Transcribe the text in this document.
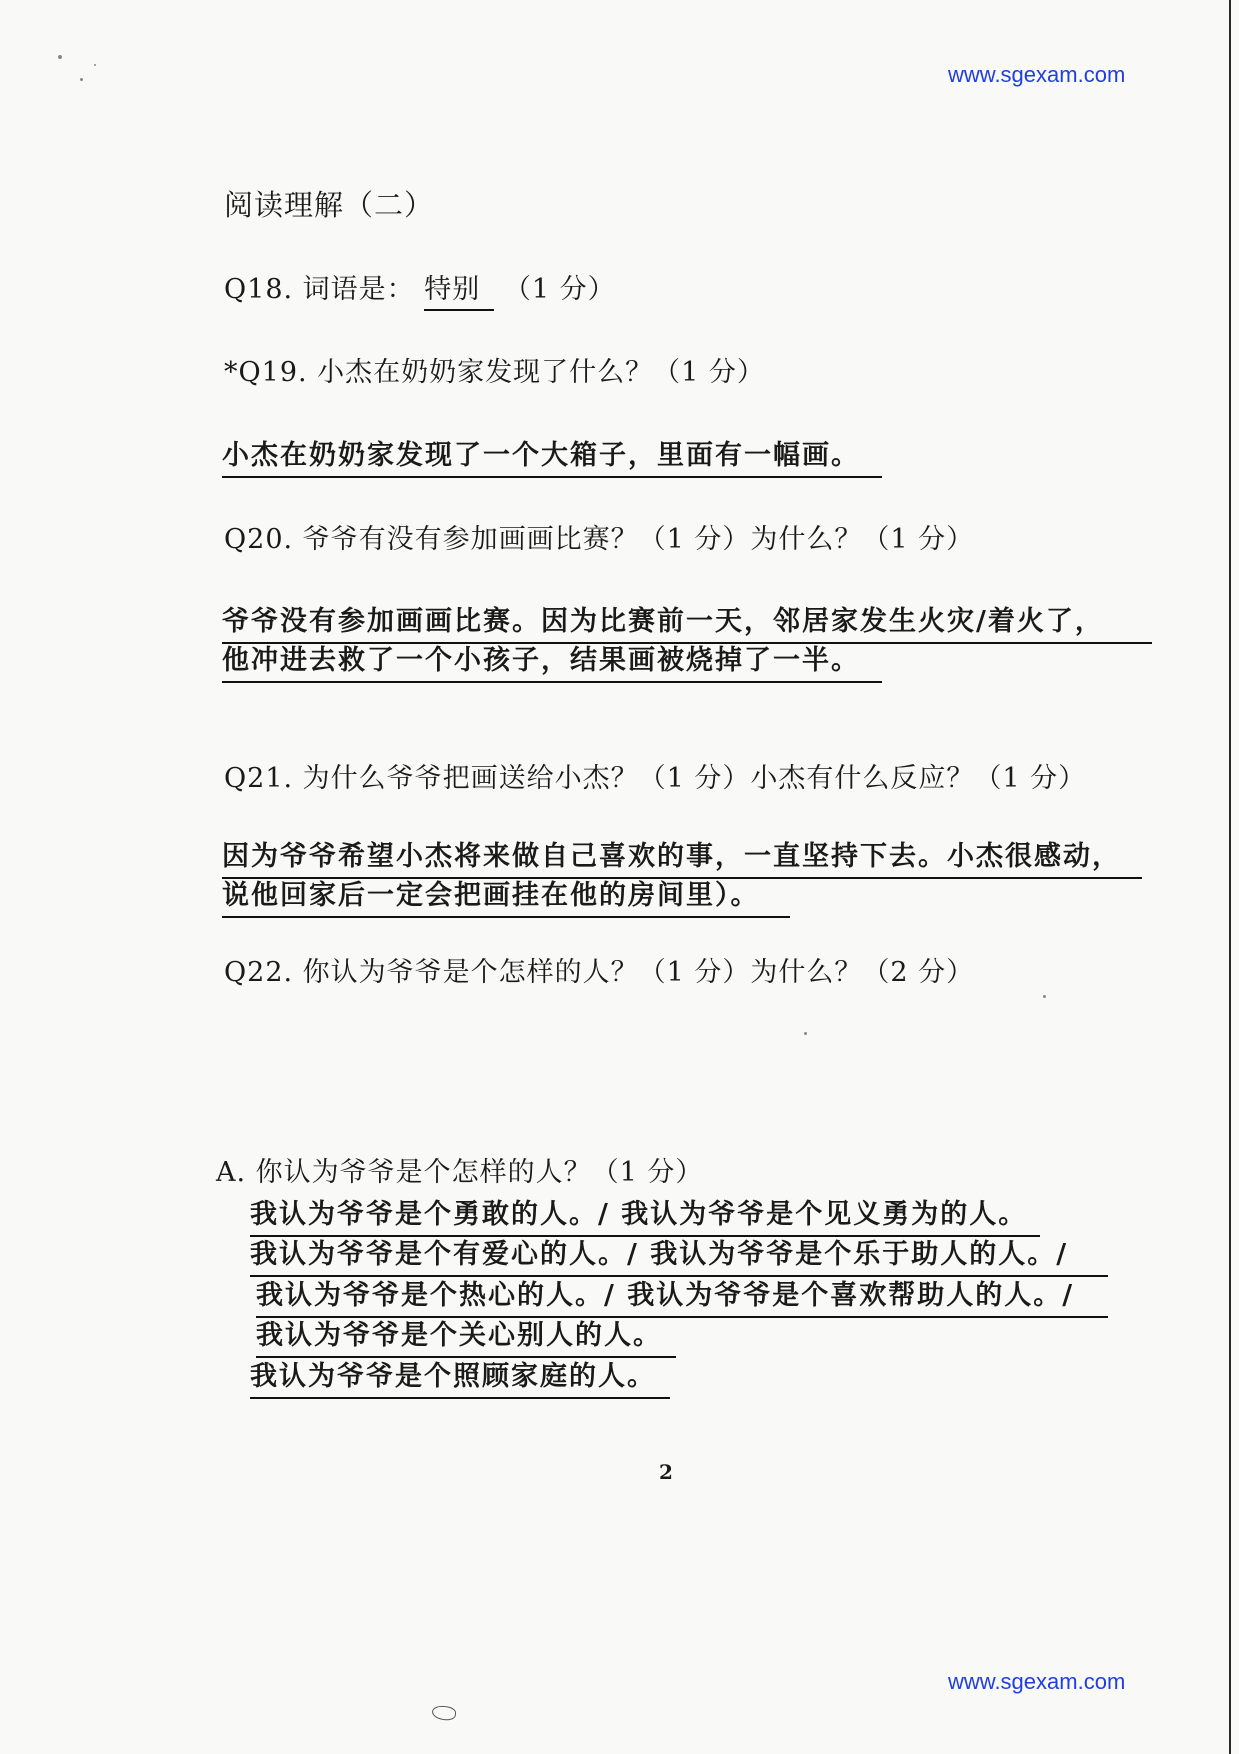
www.sgexam.com
阅读理解（二）
Q18. 词语是： 特别 （1 分）
*Q19. 小杰在奶奶家发现了什么？（1 分）
小杰在奶奶家发现了一个大箱子，里面有一幅画。
Q20. 爷爷有没有参加画画比赛？（1 分）为什么？（1 分）
爷爷没有参加画画比赛。因为比赛前一天，邻居家发生火灾/着火了，
他冲进去救了一个小孩子，结果画被烧掉了一半。
Q21. 为什么爷爷把画送给小杰？（1 分）小杰有什么反应？（1 分）
因为爷爷希望小杰将来做自己喜欢的事，一直坚持下去。小杰很感动，
说他回家后一定会把画挂在他的房间里）。
Q22. 你认为爷爷是个怎样的人？（1 分）为什么？（2 分）
A. 你认为爷爷是个怎样的人？（1 分）
我认为爷爷是个勇敢的人。/ 我认为爷爷是个见义勇为的人。
我认为爷爷是个有爱心的人。/ 我认为爷爷是个乐于助人的人。/
我认为爷爷是个热心的人。/ 我认为爷爷是个喜欢帮助人的人。/
我认为爷爷是个关心别人的人。
我认为爷爷是个照顾家庭的人。
2
www.sgexam.com
